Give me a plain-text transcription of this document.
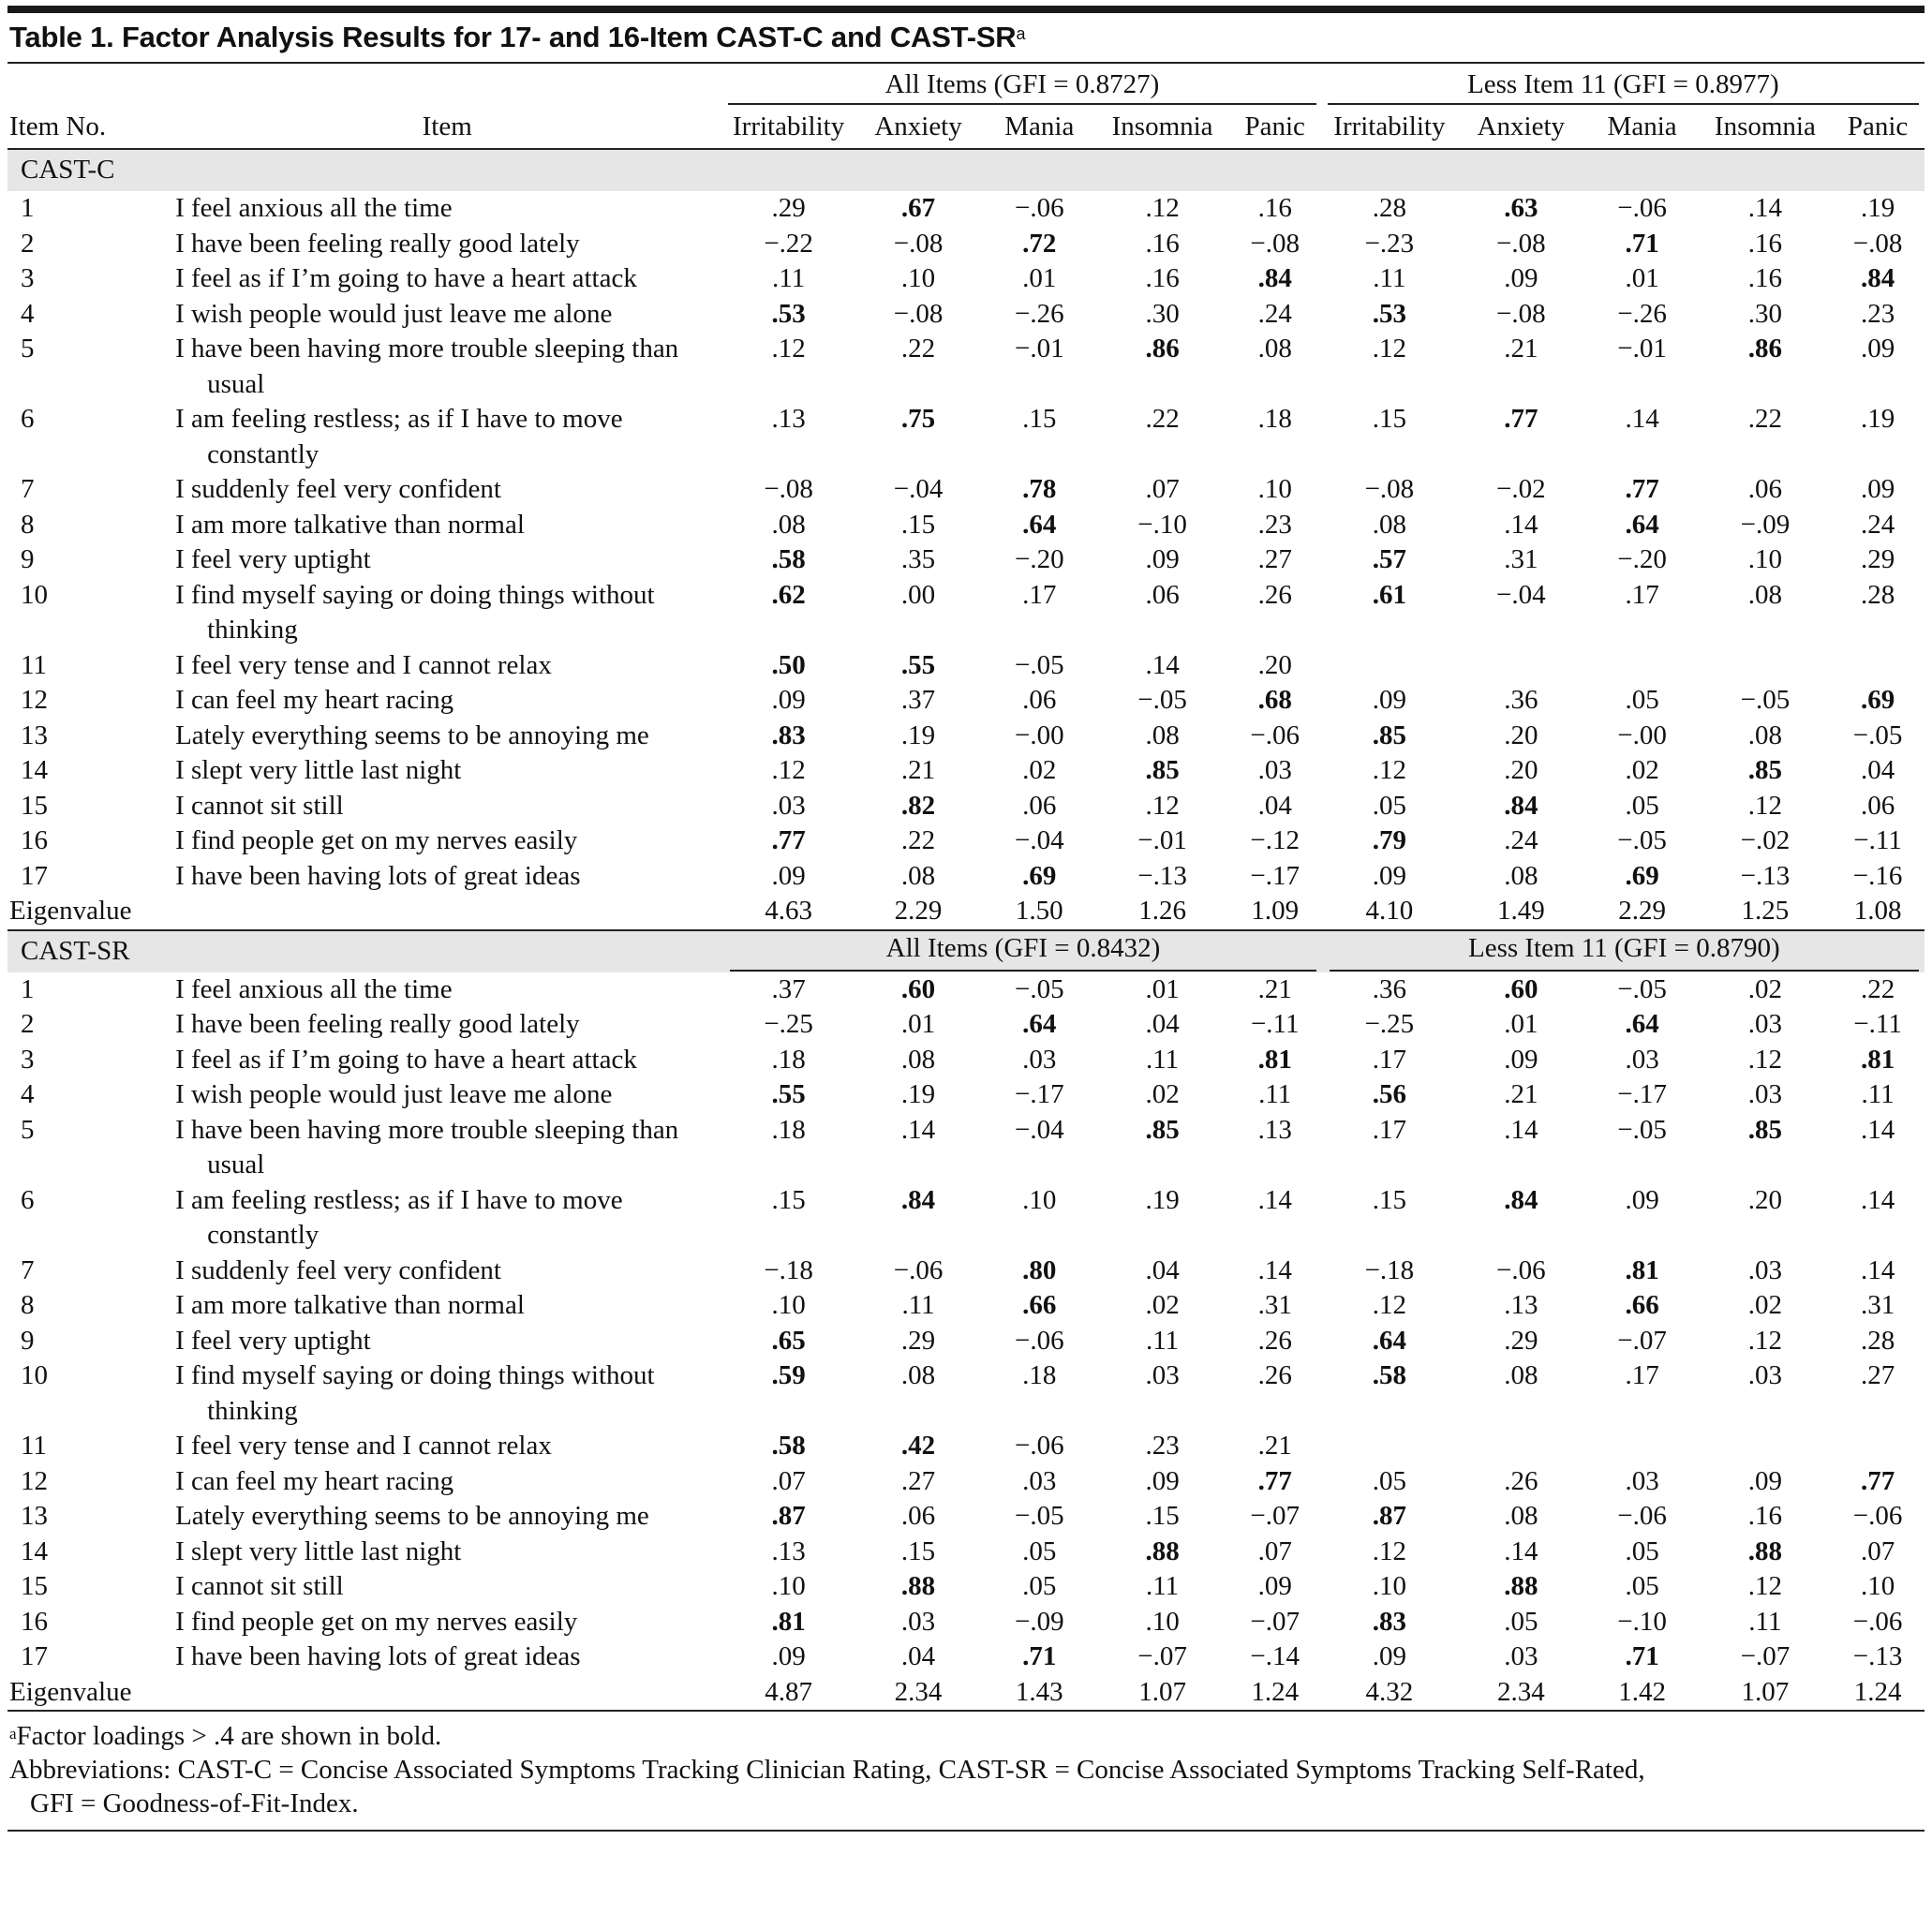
Table 1. Factor Analysis Results for 17- and 16-Item CAST-C and CAST-$SR^a$

		All Items (GFI = 0.8727)					Less Item 11 (GFI = 0.8977)				

Item No.	Item	Irritability	Anxiety	Mania	Insomnia	Panic	Irritability	Anxiety	Mania	Insomnia	Panic
CAST-C											
1	I feel anxious all the time	.29	.67	−.06	.12	.16	.28	.63	−.06	.14	.19
2	I have been feeling really good lately	−.22	−.08	.72	.16	−.08	−.23	−.08	.71	.16	−.08
3	I feel as if I’m going to have a heart attack	.11	.10	.01	.16	.84	.11	.09	.01	.16	.84
4	I wish people would just leave me alone	.53	−.08	−.26	.30	.24	.53	−.08	−.26	.30	.23
5	I have been having more trouble sleeping than usual	.12	.22	−.01	.86	.08	.12	.21	−.01	.86	.09
6	I am feeling restless; as if I have to move constantly	.13	.75	.15	.22	.18	.15	.77	.14	.22	.19
7	I suddenly feel very confident	−.08	−.04	.78	.07	.10	−.08	−.02	.77	.06	.09
8	I am more talkative than normal	.08	.15	.64	−.10	.23	.08	.14	.64	−.09	.24
9	I feel very uptight	.58	.35	−.20	.09	.27	.57	.31	−.20	.10	.29
10	I find myself saying or doing things without thinking	.62	.00	.17	.06	.26	.61	−.04	.17	.08	.28
11	I feel very tense and I cannot relax	.50	.55	−.05	.14	.20					
12	I can feel my heart racing	.09	.37	.06	−.05	.68	.09	.36	.05	−.05	.69
13	Lately everything seems to be annoying me	.83	.19	−.00	.08	−.06	.85	.20	−.00	.08	−.05
14	I slept very little last night	.12	.21	.02	.85	.03	.12	.20	.02	.85	.04
15	I cannot sit still	.03	.82	.06	.12	.04	.05	.84	.05	.12	.06
16	I find people get on my nerves easily	.77	.22	−.04	−.01	−.12	.79	.24	−.05	−.02	−.11
17	I have been having lots of great ideas	.09	.08	.69	−.13	−.17	.09	.08	.69	−.13	−.16
Eigenvalue		4.63	2.29	1.50	1.26	1.09	4.10	1.49	2.29	1.25	1.08
CAST-SR		All Items (GFI = 0.8432)					Less Item 11 (GFI = 0.8790)				

1	I feel anxious all the time	.37	.60	−.05	.01	.21	.36	.60	−.05	.02	.22
2	I have been feeling really good lately	−.25	.01	.64	.04	−.11	−.25	.01	.64	.03	−.11
3	I feel as if I’m going to have a heart attack	.18	.08	.03	.11	.81	.17	.09	.03	.12	.81
4	I wish people would just leave me alone	.55	.19	−.17	.02	.11	.56	.21	−.17	.03	.11
5	I have been having more trouble sleeping than usual	.18	.14	−.04	.85	.13	.17	.14	−.05	.85	.14
6	I am feeling restless; as if I have to move constantly	.15	.84	.10	.19	.14	.15	.84	.09	.20	.14
7	I suddenly feel very confident	−.18	−.06	.80	.04	.14	−.18	−.06	.81	.03	.14
8	I am more talkative than normal	.10	.11	.66	.02	.31	.12	.13	.66	.02	.31
9	I feel very uptight	.65	.29	−.06	.11	.26	.64	.29	−.07	.12	.28
10	I find myself saying or doing things without thinking	.59	.08	.18	.03	.26	.58	.08	.17	.03	.27
11	I feel very tense and I cannot relax	.58	.42	−.06	.23	.21					
12	I can feel my heart racing	.07	.27	.03	.09	.77	.05	.26	.03	.09	.77
13	Lately everything seems to be annoying me	.87	.06	−.05	.15	−.07	.87	.08	−.06	.16	−.06
14	I slept very little last night	.13	.15	.05	.88	.07	.12	.14	.05	.88	.07
15	I cannot sit still	.10	.88	.05	.11	.09	.10	.88	.05	.12	.10
16	I find people get on my nerves easily	.81	.03	−.09	.10	−.07	.83	.05	−.10	.11	−.06
17	I have been having lots of great ideas	.09	.04	.71	−.07	−.14	.09	.03	.71	−.07	−.13
Eigenvalue		4.87	2.34	1.43	1.07	1.24	4.32	2.34	1.42	1.07	1.24
$^a$Factor loadings > .4 are shown in bold.
Abbreviations: CAST-C = Concise Associated Symptoms Tracking Clinician Rating, CAST-SR = Concise Associated Symptoms Tracking Self-Rated,
GFI = Goodness-of-Fit-Index.
